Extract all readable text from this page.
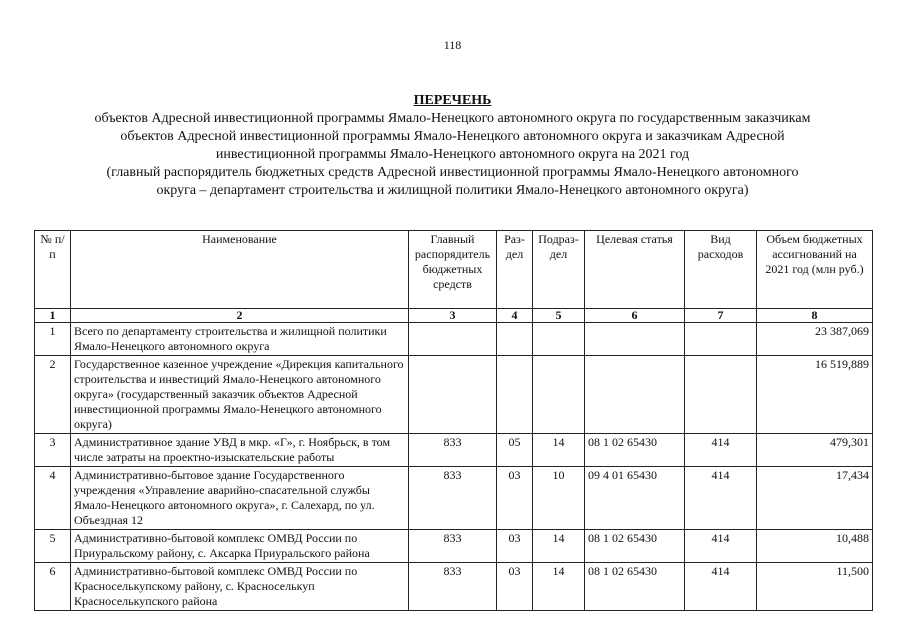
118
ПЕРЕЧЕНЬ
объектов Адресной инвестиционной программы Ямало-Ненецкого автономного округа по государственным заказчикам
объектов Адресной инвестиционной программы Ямало-Ненецкого автономного округа и заказчикам Адресной
инвестиционной программы Ямало-Ненецкого автономного округа на 2021 год
(главный распорядитель бюджетных средств Адресной инвестиционной программы Ямало-Ненецкого автономного
округа – департамент строительства и жилищной политики Ямало-Ненецкого автономного округа)
№ п/п	Наименование	Главный распорядитель бюджетных средств	Раз-дел	Подраз-дел	Целевая статья	Вид расходов	Объем бюджетных ассигнований на 2021 год (млн руб.)
1	2	3	4	5	6	7	8
1	Всего по департаменту строительства и жилищной политики Ямало-Ненецкого автономного округа						23 387,069
2	Государственное казенное учреждение «Дирекция капитального строительства и инвестиций Ямало-Ненецкого автономного округа» (государственный заказчик объектов Адресной инвестиционной программы Ямало-Ненецкого автономного округа)						16 519,889
3	Административное здание УВД в мкр. «Г», г. Ноябрьск, в том числе затраты на проектно-изыскательские работы	833	05	14	08 1 02 65430	414	479,301
4	Административно-бытовое здание Государственного учреждения «Управление аварийно-спасательной службы Ямало-Ненецкого автономного округа», г. Салехард, по ул. Объездная 12	833	03	10	09 4 01 65430	414	17,434
5	Административно-бытовой комплекс ОМВД России по Приуральскому району, с. Аксарка Приуральского района	833	03	14	08 1 02 65430	414	10,488
6	Административно-бытовой комплекс ОМВД России по Красноселькупскому району, с. Красноселькуп Красноселькупского района	833	03	14	08 1 02 65430	414	11,500
